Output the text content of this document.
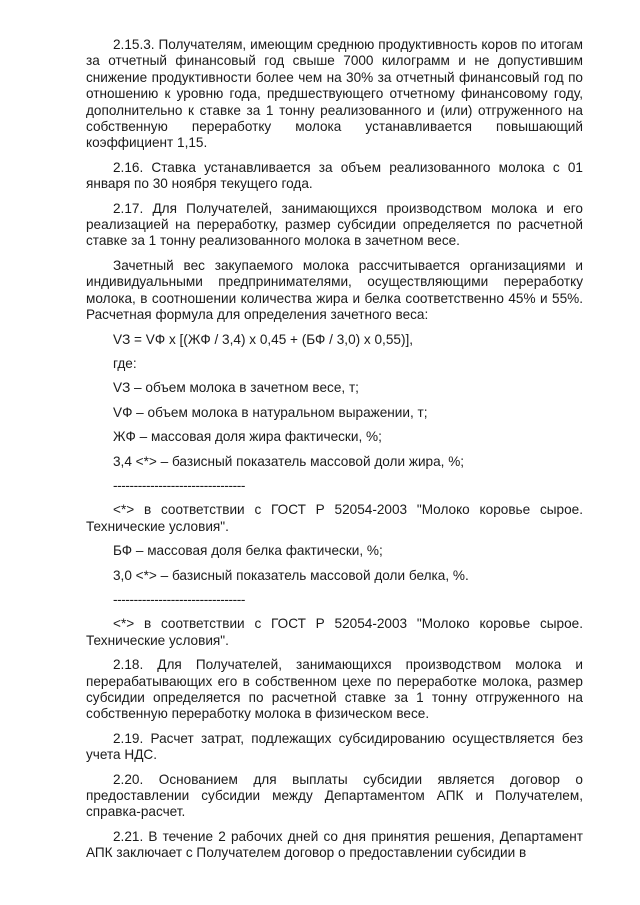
2.15.3. Получателям, имеющим среднюю продуктивность коров по итогам за отчетный финансовый год свыше 7000 килограмм и не допустившим снижение продуктивности более чем на 30% за отчетный финансовый год по отношению к уровню года, предшествующего отчетному финансовому году, дополнительно к ставке за 1 тонну реализованного и (или) отгруженного на собственную переработку молока устанавливается повышающий коэффициент 1,15.

2.16. Ставка устанавливается за объем реализованного молока с 01 января по 30 ноября текущего года.

2.17. Для Получателей, занимающихся производством молока и его реализацией на переработку, размер субсидии определяется по расчетной ставке за 1 тонну реализованного молока в зачетном весе.

Зачетный вес закупаемого молока рассчитывается организациями и индивидуальными предпринимателями, осуществляющими переработку молока, в соотношении количества жира и белка соответственно 45% и 55%. Расчетная формула для определения зачетного веса:

VЗ = VФ x [(ЖФ / 3,4) x 0,45 + (БФ / 3,0) x 0,55)],

где:

VЗ – объем молока в зачетном весе, т;

VФ – объем молока в натуральном выражении, т;

ЖФ – массовая доля жира фактически, %;

3,4 <*> – базисный показатель массовой доли жира, %;

--------------------------------

<*> в соответствии с ГОСТ Р 52054-2003 "Молоко коровье сырое. Технические условия".

БФ – массовая доля белка фактически, %;

3,0 <*> – базисный показатель массовой доли белка, %.

--------------------------------

<*> в соответствии с ГОСТ Р 52054-2003 "Молоко коровье сырое. Технические условия".

2.18. Для Получателей, занимающихся производством молока и перерабатывающих его в собственном цехе по переработке молока, размер субсидии определяется по расчетной ставке за 1 тонну отгруженного на собственную переработку молока в физическом весе.

2.19. Расчет затрат, подлежащих субсидированию осуществляется без учета НДС.

2.20. Основанием для выплаты субсидии является договор о предоставлении субсидии между Департаментом АПК и Получателем, справка-расчет.

2.21. В течение 2 рабочих дней со дня принятия решения, Департамент АПК заключает с Получателем договор о предоставлении субсидии в
